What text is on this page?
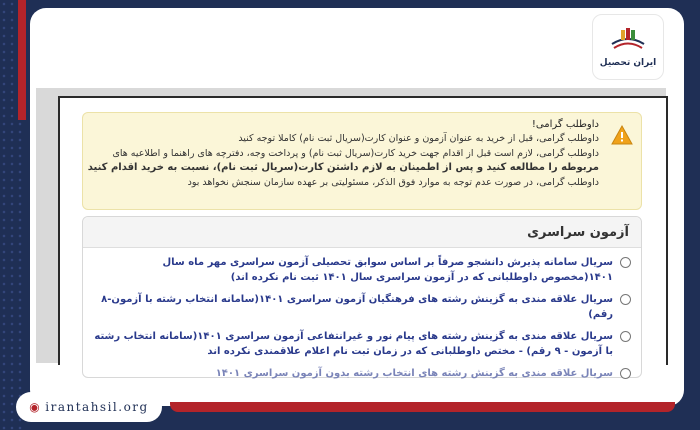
ایران تحصیل
داوطلب گرامی!
داوطلب گرامی، قبل از خرید به عنوان آزمون و عنوان کارت(سریال ثبت نام) کاملا توجه کنید
داوطلب گرامی، لازم است قبل از اقدام جهت خرید کارت(سریال ثبت نام) و پرداخت وجه، دفترچه های راهنما و اطلاعیه های
مربوطه را مطالعه کنید و پس از اطمینان به لازم داشتن کارت(سریال ثبت نام)، نسبت به خرید اقدام کنید
داوطلب گرامی، در صورت عدم توجه به موارد فوق الذکر، مسئولیتی بر عهده سازمان سنجش نخواهد بود
آزمون سراسری
سریال سامانه پذیرش دانشجو صرفاً بر اساس سوابق تحصیلی آزمون سراسری مهر ماه سال ۱۴۰۱(مخصوص داوطلبانی که در آزمون سراسری سال ۱۴۰۱ ثبت نام نکرده اند)
سریال علاقه مندی به گزینش رشته های فرهنگیان آزمون سراسری ۱۴۰۱(سامانه انتخاب رشته با آزمون-۸ رقم)
سریال علاقه مندی به گزینش رشته های پیام نور و غیرانتفاعی آزمون سراسری ۱۴۰۱(سامانه انتخاب رشته با آزمون - ۹ رقم) - مختص داوطلبانی که در زمان ثبت نام اعلام علاقمندی نکرده اند
سریال علاقه مندی به گزینش رشته های انتخاب رشته بدون آزمون سراسری ۱۴۰۱
◉ irantahsil.org
